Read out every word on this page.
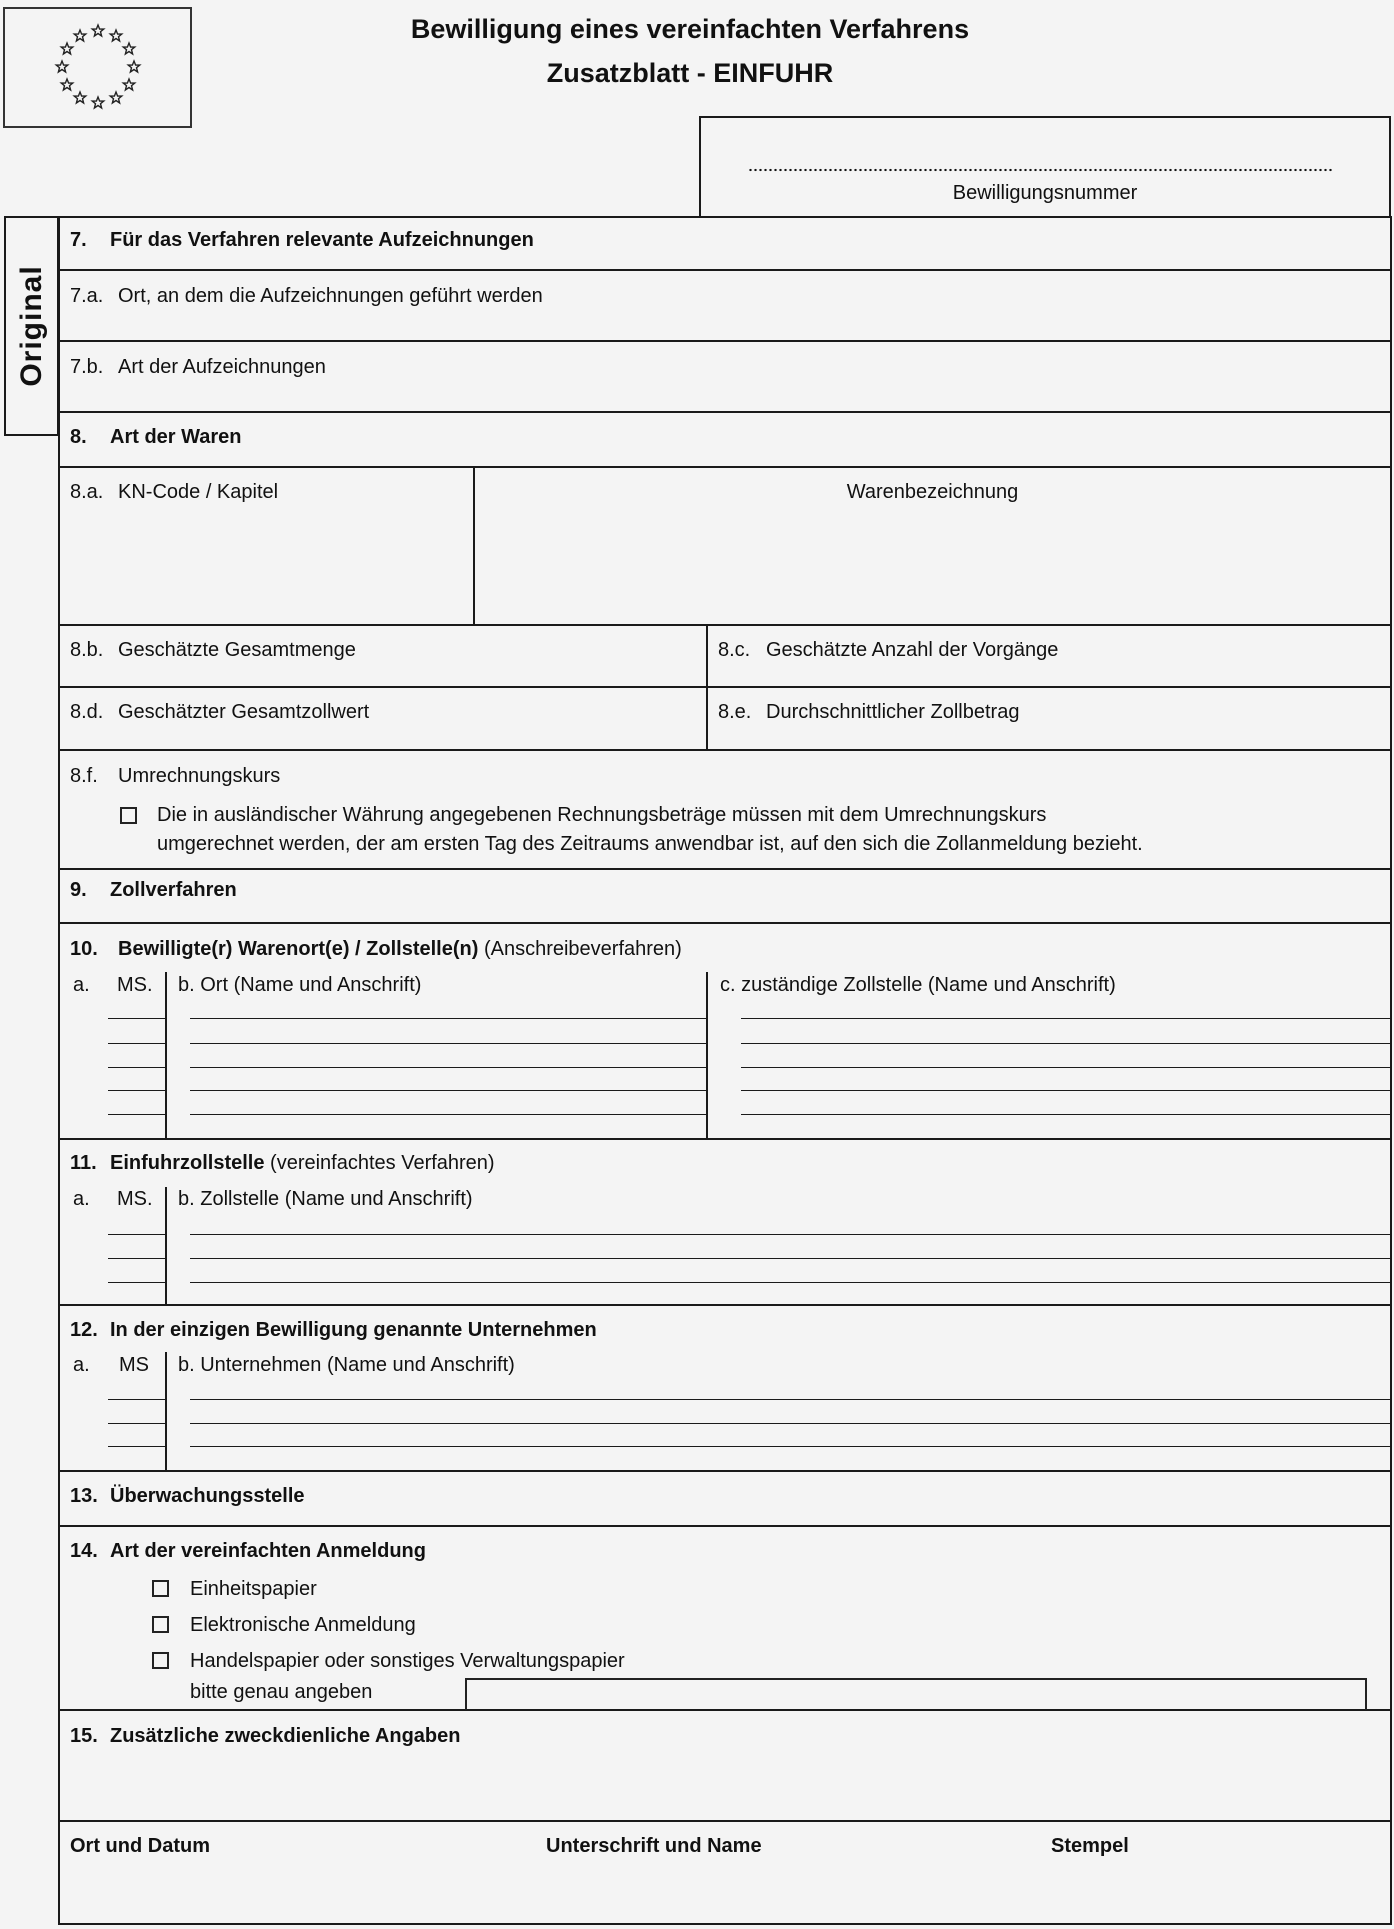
Bewilligung eines vereinfachten Verfahrens
Zusatzblatt - EINFUHR
Bewilligungsnummer
Original
7. Für das Verfahren relevante Aufzeichnungen
7.a. Ort, an dem die Aufzeichnungen geführt werden
7.b. Art der Aufzeichnungen
8. Art der Waren
8.a. KN-Code / Kapitel	Warenbezeichnung
8.b. Geschätzte Gesamtmenge	8.c. Geschätzte Anzahl der Vorgänge
8.d. Geschätzter Gesamtzollwert	8.e. Durchschnittlicher Zollbetrag
8.f. Umrechnungskurs
Die in ausländischer Währung angegebenen Rechnungsbeträge müssen mit dem Umrechnungskurs
umgerechnet werden, der am ersten Tag des Zeitraums anwendbar ist, auf den sich die Zollanmeldung bezieht.
9. Zollverfahren
10. Bewilligte(r) Warenort(e) / Zollstelle(n) (Anschreibeverfahren)
a. MS. b. Ort (Name und Anschrift)	c. zuständige Zollstelle (Name und Anschrift)
11. Einfuhrzollstelle (vereinfachtes Verfahren)
a. MS. b. Zollstelle (Name und Anschrift)
12. In der einzigen Bewilligung genannte Unternehmen
a. MS b. Unternehmen (Name und Anschrift)
13. Überwachungsstelle
14. Art der vereinfachten Anmeldung
Einheitspapier
Elektronische Anmeldung
Handelspapier oder sonstiges Verwaltungspapier
bitte genau angeben
15. Zusätzliche zweckdienliche Angaben
Ort und Datum	Unterschrift und Name	Stempel
